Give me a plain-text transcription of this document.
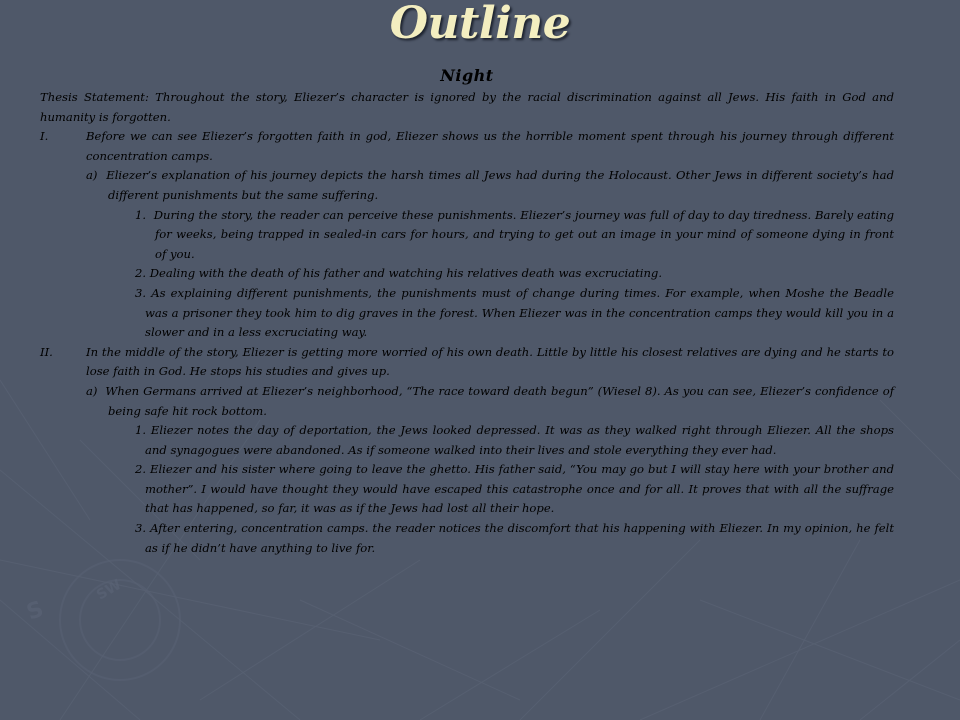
S
SW
Outline
Night
Thesis Statement: Throughout the story, Eliezer’s character is ignored by the racial discrimination against all Jews. His faith in God and humanity is forgotten.
I.	Before we can see Eliezer’s forgotten faith in god, Eliezer shows us the horrible moment spent through his journey through different concentration camps.
a)  Eliezer’s explanation of his journey depicts the harsh times all Jews had during the Holocaust. Other Jews in different society’s had different punishments but the same suffering.
1.  During the story, the reader can perceive these punishments. Eliezer’s journey was full of day to day tiredness. Barely eating for weeks, being trapped in sealed-in cars for hours, and trying to get out an image in your mind of someone dying in front of you.
2. Dealing with the death of his father and watching his relatives death was excruciating.
3. As explaining different punishments, the punishments must of change during times. For example, when Moshe the Beadle was a prisoner they took him to dig graves in the forest. When Eliezer was in the concentration camps they would kill you in a slower and in a less excruciating way.
II.	In the middle of the story, Eliezer is getting more worried of his own death. Little by little his closest relatives are dying and he starts to lose faith in God. He stops his studies and gives up.
a)  When Germans arrived at Eliezer’s neighborhood, “The race toward death begun” (Wiesel 8). As you can see, Eliezer’s confidence of being safe hit rock bottom.
1. Eliezer notes the day of deportation, the Jews looked depressed. It was as they walked right through Eliezer. All the shops and synagogues were abandoned. As if someone walked into their lives and stole everything they ever had.
2. Eliezer and his sister where going to leave the ghetto. His father said, “You may go but I will stay here with your brother and mother”. I would have thought they would have escaped this catastrophe once and for all. It proves that with all the suffrage that has happened, so far, it was as if the Jews had lost all their hope.
3. After entering, concentration camps. the reader notices the discomfort that his happening with Eliezer. In my opinion, he felt as if he didn’t have anything to live for.
